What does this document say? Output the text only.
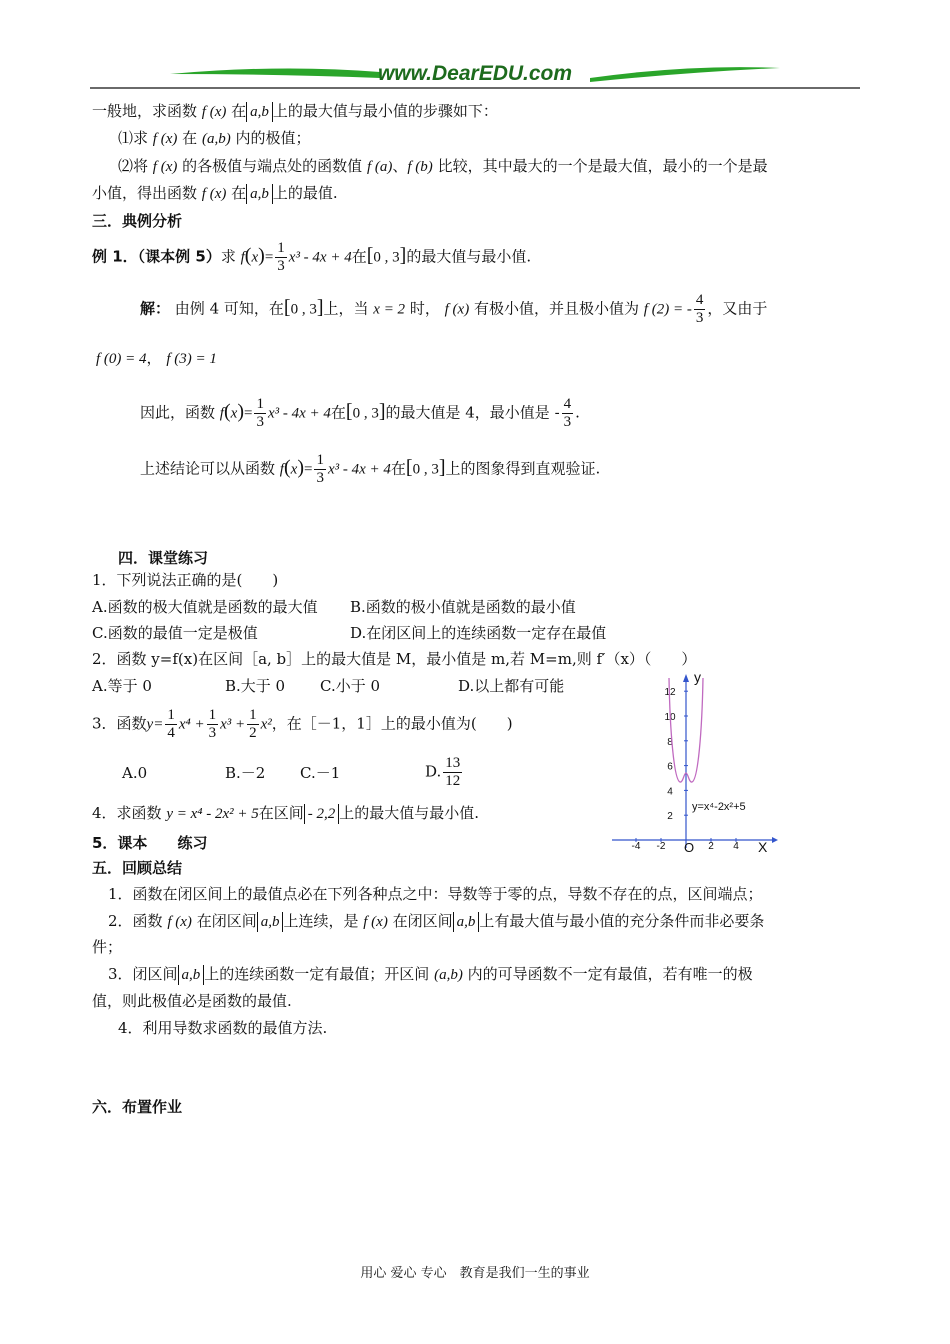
www.DearEDU.com
一般地，求函数 f (x) 在 a,b 上的最大值与最小值的步骤如下：
⑴求 f (x) 在 (a,b) 内的极值；
⑵将 f (x) 的各极值与端点处的函数值 f (a)、f (b) 比较，其中最大的一个是最大值，最小的一个是最
小值，得出函数 f (x) 在 a,b 上的最值.
三．典例分析
例 1．（课本例 5）求 $f(x)= \frac{1}{3} x^3 - 4x + 4$在[0 , 3]的最大值与最小值.
解： 由例 4 可知，在[0 , 3]上，当 x = 2 时， f (x) 有极小值，并且极小值为 f (2) = - $\frac{4}{3}$ ，又由于
f (0) = 4， f (3) = 1
因此，函数 $f(x)= \frac{1}{3} x^3 - 4x + 4$在[0 , 3]的最大值是 4，最小值是 - $\frac{4}{3}$ .
上述结论可以从函数 $f(x)= \frac{1}{3} x^3 - 4x + 4$在[0 , 3]上的图象得到直观验证.
四．课堂练习
1．下列说法正确的是(　　)
A.函数的极大值就是函数的最大值 B.函数的极小值就是函数的最小值
C.函数的最值一定是极值	D.在闭区间上的连续函数一定存在最值
2．函数 y=f(x)在区间［a, b］上的最大值是 M，最小值是 m,若 M=m,则 f′（x）（　　）
A.等于 0	B.大于 0 C.小于 0	D.以上都有可能
3．函数$y= \frac{1}{4} x^4 + \frac{1}{3} x^3 + \frac{1}{2} x^2$，在［－1，1］上的最小值为(　　)
A.0	B.－2 C.－1	D. $\frac{13}{12}$
4．求函数 y = x⁴ - 2x² + 5在区间 - 2,2 上的最大值与最小值.
5．课本　　练习
12
10
8
6
4
2
-4 -2	2 4
y
X
O
y=x⁴-2x²+5
五．回顾总结
1．函数在闭区间上的最值点必在下列各种点之中：导数等于零的点，导数不存在的点，区间端点；
2．函数 f (x) 在闭区间 a,b 上连续，是 f (x) 在闭区间 a,b 上有最大值与最小值的充分条件而非必要条
件；
3．闭区间 a,b 上的连续函数一定有最值；开区间 (a,b) 内的可导函数不一定有最值，若有唯一的极
值，则此极值必是函数的最值.
4．利用导数求函数的最值方法.
六．布置作业
用心 爱心 专心　教育是我们一生的事业
